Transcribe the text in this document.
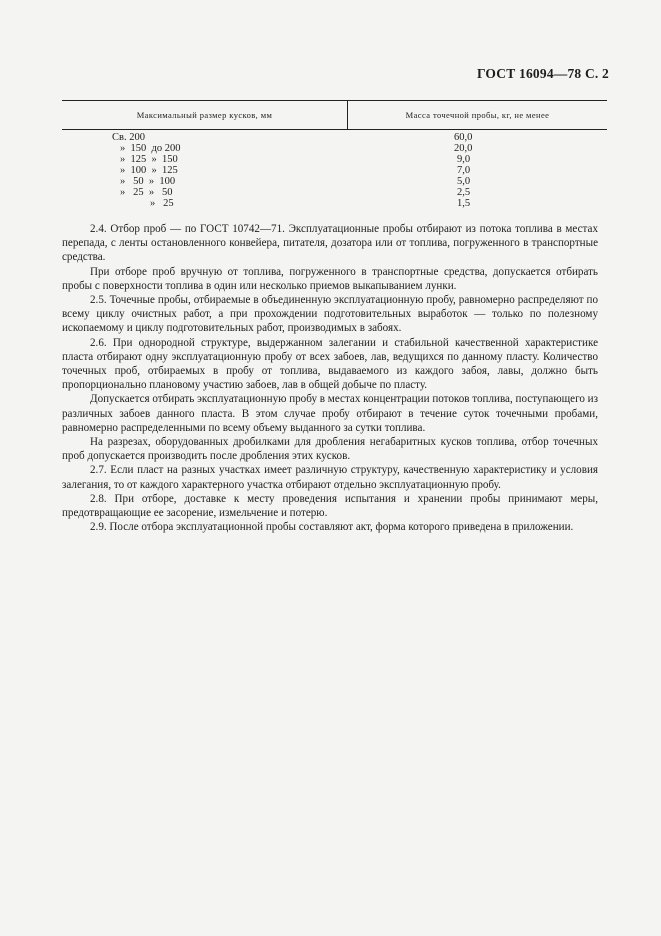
ГОСТ 16094—78 С. 2
Максимальный размер кусков, мм	Масса точечной пробы, кг, не менее
Св. 200	60,0
»  150  до 200	20,0
»  125  »  150	9,0
»  100  »  125	7,0
»   50  »  100	5,0
»   25  »   50	2,5
»   25	1,5

2.4. Отбор проб — по ГОСТ 10742—71. Эксплуатационные пробы отбирают из потока топлива в местах перепада, с ленты остановленного конвейера, питателя, дозатора или от топлива, погруженного в транспортные средства.

При отборе проб вручную от топлива, погруженного в транспортные средства, допускается отбирать пробы с поверхности топлива в один или несколько приемов выкапыванием лунки.

2.5. Точечные пробы, отбираемые в объединенную эксплуатационную пробу, равномерно распределяют по всему циклу очистных работ, а при прохождении подготовительных выработок — только по полезному ископаемому и циклу подготовительных работ, производимых в забоях.

2.6. При однородной структуре, выдержанном залегании и стабильной качественной характеристике пласта отбирают одну эксплуатационную пробу от всех забоев, лав, ведущихся по данному пласту. Количество точечных проб, отбираемых в пробу от топлива, выдаваемого из каждого забоя, лавы, должно быть пропорционально плановому участию забоев, лав в общей добыче по пласту.

Допускается отбирать эксплуатационную пробу в местах концентрации потоков топлива, поступающего из различных забоев данного пласта. В этом случае пробу отбирают в течение суток точечными пробами, равномерно распределенными по всему объему выданного за сутки топлива.

На разрезах, оборудованных дробилками для дробления негабаритных кусков топлива, отбор точечных проб допускается производить после дробления этих кусков.

2.7. Если пласт на разных участках имеет различную структуру, качественную характеристику и условия залегания, то от каждого характерного участка отбирают отдельно эксплуатационную пробу.

2.8. При отборе, доставке к месту проведения испытания и хранении пробы принимают меры, предотвращающие ее засорение, измельчение и потерю.

2.9. После отбора эксплуатационной пробы составляют акт, форма которого приведена в приложении.
